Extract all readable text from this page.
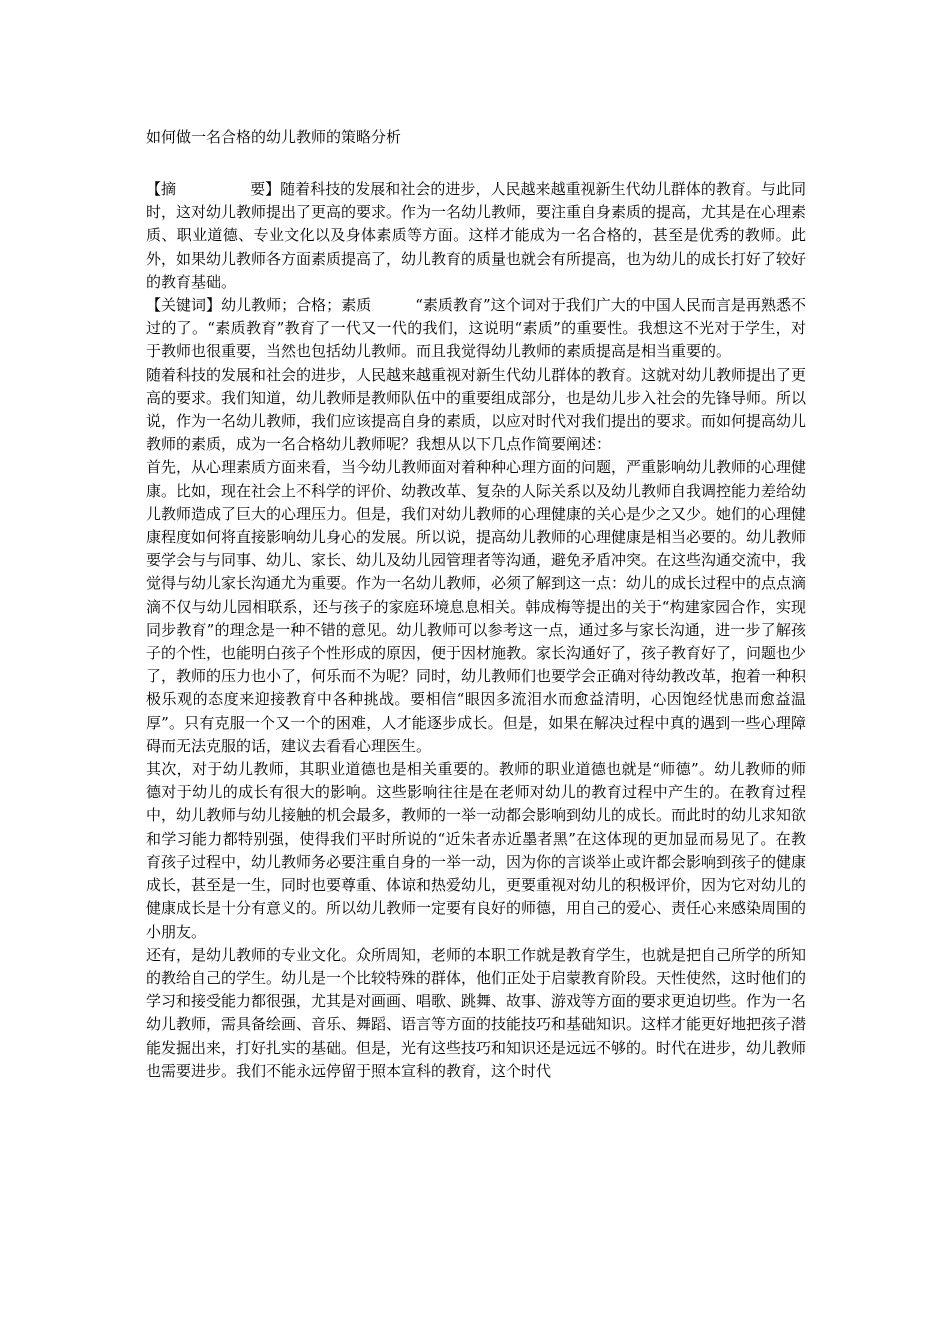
如何做一名合格的幼儿教师的策略分析

【摘	要】随着科技的发展和社会的进步，人民越来越重视新生代幼儿群体的教育。与此同时，这对幼儿教师提出了更高的要求。作为一名幼儿教师，要注重自身素质的提高，尤其是在心理素质、职业道德、专业文化以及身体素质等方面。这样才能成为一名合格的，甚至是优秀的教师。此外，如果幼儿教师各方面素质提高了，幼儿教育的质量也就会有所提高，也为幼儿的成长打好了较好的教育基础。

【关键词】幼儿教师；合格；素质	“素质教育”这个词对于我们广大的中国人民而言是再熟悉不过的了。“素质教育”教育了一代又一代的我们，这说明“素质”的重要性。我想这不光对于学生，对于教师也很重要，当然也包括幼儿教师。而且我觉得幼儿教师的素质提高是相当重要的。

随着科技的发展和社会的进步，人民越来越重视对新生代幼儿群体的教育。这就对幼儿教师提出了更高的要求。我们知道，幼儿教师是教师队伍中的重要组成部分，也是幼儿步入社会的先锋导师。所以说，作为一名幼儿教师，我们应该提高自身的素质，以应对时代对我们提出的要求。而如何提高幼儿教师的素质，成为一名合格幼儿教师呢？我想从以下几点作简要阐述：

首先，从心理素质方面来看，当今幼儿教师面对着种种心理方面的问题，严重影响幼儿教师的心理健康。比如，现在社会上不科学的评价、幼教改革、复杂的人际关系以及幼儿教师自我调控能力差给幼儿教师造成了巨大的心理压力。但是，我们对幼儿教师的心理健康的关心是少之又少。她们的心理健康程度如何将直接影响幼儿身心的发展。所以说，提高幼儿教师的心理健康是相当必要的。幼儿教师要学会与与同事、幼儿、家长、幼儿及幼儿园管理者等沟通，避免矛盾冲突。在这些沟通交流中，我觉得与幼儿家长沟通尤为重要。作为一名幼儿教师，必须了解到这一点：幼儿的成长过程中的点点滴滴不仅与幼儿园相联系，还与孩子的家庭环境息息相关。韩成梅等提出的关于“构建家园合作，实现同步教育”的理念是一种不错的意见。幼儿教师可以参考这一点，通过多与家长沟通，进一步了解孩子的个性，也能明白孩子个性形成的原因，便于因材施教。家长沟通好了，孩子教育好了，问题也少了，教师的压力也小了，何乐而不为呢？同时，幼儿教师们也要学会正确对待幼教改革，抱着一种积极乐观的态度来迎接教育中各种挑战。要相信“眼因多流泪水而愈益清明，心因饱经忧患而愈益温厚”。只有克服一个又一个的困难，人才能逐步成长。但是，如果在解决过程中真的遇到一些心理障碍而无法克服的话，建议去看看心理医生。

其次，对于幼儿教师，其职业道德也是相关重要的。教师的职业道德也就是“师德”。幼儿教师的师德对于幼儿的成长有很大的影响。这些影响往往是在老师对幼儿的教育过程中产生的。在教育过程中，幼儿教师与幼儿接触的机会最多，教师的一举一动都会影响到幼儿的成长。而此时的幼儿求知欲和学习能力都特别强，使得我们平时所说的“近朱者赤近墨者黑”在这体现的更加显而易见了。在教育孩子过程中，幼儿教师务必要注重自身的一举一动，因为你的言谈举止或许都会影响到孩子的健康成长，甚至是一生，同时也要尊重、体谅和热爱幼儿，更要重视对幼儿的积极评价，因为它对幼儿的健康成长是十分有意义的。所以幼儿教师一定要有良好的师德，用自己的爱心、责任心来感染周围的小朋友。

还有，是幼儿教师的专业文化。众所周知，老师的本职工作就是教育学生，也就是把自己所学的所知的教给自己的学生。幼儿是一个比较特殊的群体，他们正处于启蒙教育阶段。天性使然，这时他们的学习和接受能力都很强，尤其是对画画、唱歌、跳舞、故事、游戏等方面的要求更迫切些。作为一名幼儿教师，需具备绘画、音乐、舞蹈、语言等方面的技能技巧和基础知识。这样才能更好地把孩子潜能发掘出来，打好扎实的基础。但是，光有这些技巧和知识还是远远不够的。时代在进步，幼儿教师也需要进步。我们不能永远停留于照本宣科的教育，这个时代
